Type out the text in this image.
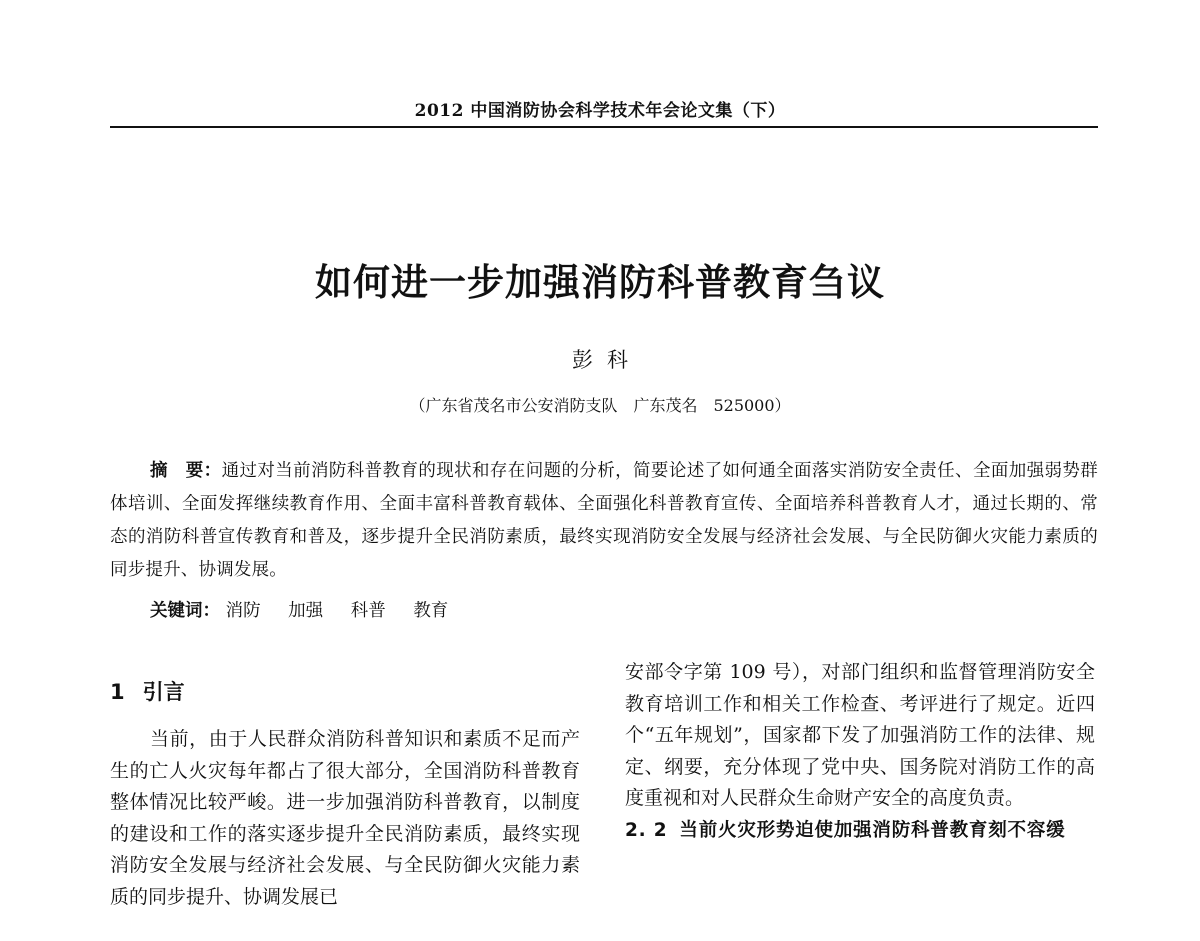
2012 中国消防协会科学技术年会论文集（下）
如何进一步加强消防科普教育刍议
彭科
（广东省茂名市公安消防支队　广东茂名　525000）

摘　要：通过对当前消防科普教育的现状和存在问题的分析，简要论述了如何通全面落实消防安全责任、全面加强弱势群体培训、全面发挥继续教育作用、全面丰富科普教育载体、全面强化科普教育宣传、全面培养科普教育人才，通过长期的、常态的消防科普宣传教育和普及，逐步提升全民消防素质，最终实现消防安全发展与经济社会发展、与全民防御火灾能力素质的同步提升、协调发展。

关键词： 消防 加强 科普 教育
1 引言

当前，由于人民群众消防科普知识和素质不足而产生的亡人火灾每年都占了很大部分，全国消防科普教育整体情况比较严峻。进一步加强消防科普教育，以制度的建设和工作的落实逐步提升全民消防素质，最终实现消防安全发展与经济社会发展、与全民防御火灾能力素质的同步提升、协调发展已

安部令字第 109 号），对部门组织和监督管理消防安全教育培训工作和相关工作检查、考评进行了规定。近四个“五年规划”，国家都下发了加强消防工作的法律、规定、纲要，充分体现了党中央、国务院对消防工作的高度重视和对人民群众生命财产安全的高度负责。

2. 2 当前火灾形势迫使加强消防科普教育刻不容缓
